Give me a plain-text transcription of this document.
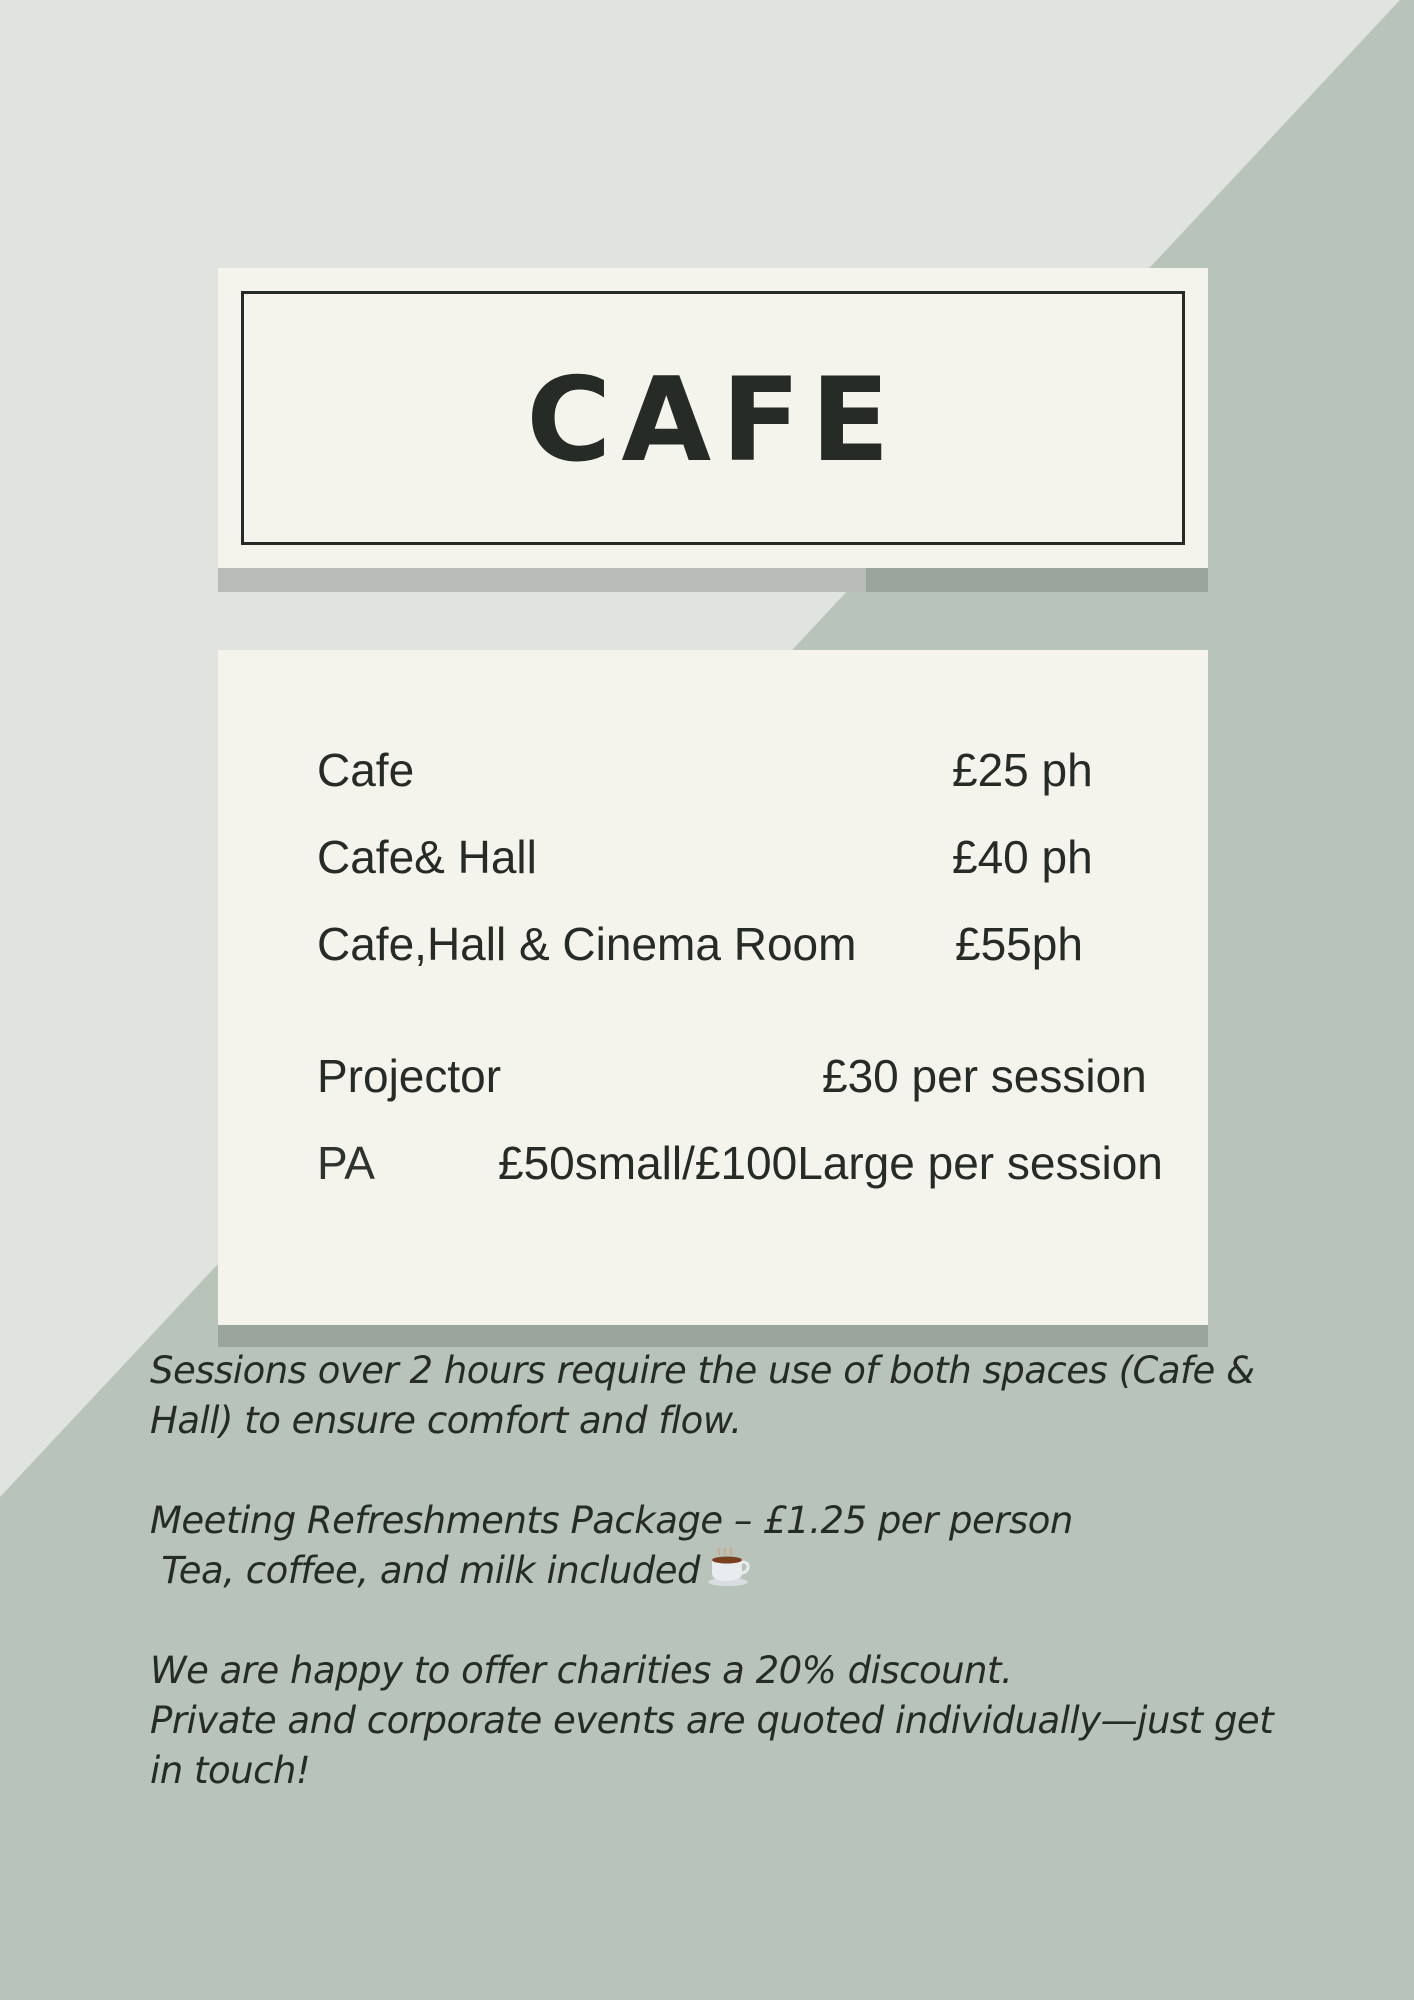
CAFE
Cafe	£25 ph
Cafe& Hall	£40 ph
Cafe,Hall & Cinema Room £55ph
Projector	£30 per session
PA	£50small/£100Large per session

Sessions over 2 hours require the use of both spaces (Cafe &

Hall) to ensure comfort and flow.

Meeting Refreshments Package – £1.25 per person

Tea, coffee, and milk included

We are happy to offer charities a 20% discount.

Private and corporate events are quoted individually—just get

in touch!
